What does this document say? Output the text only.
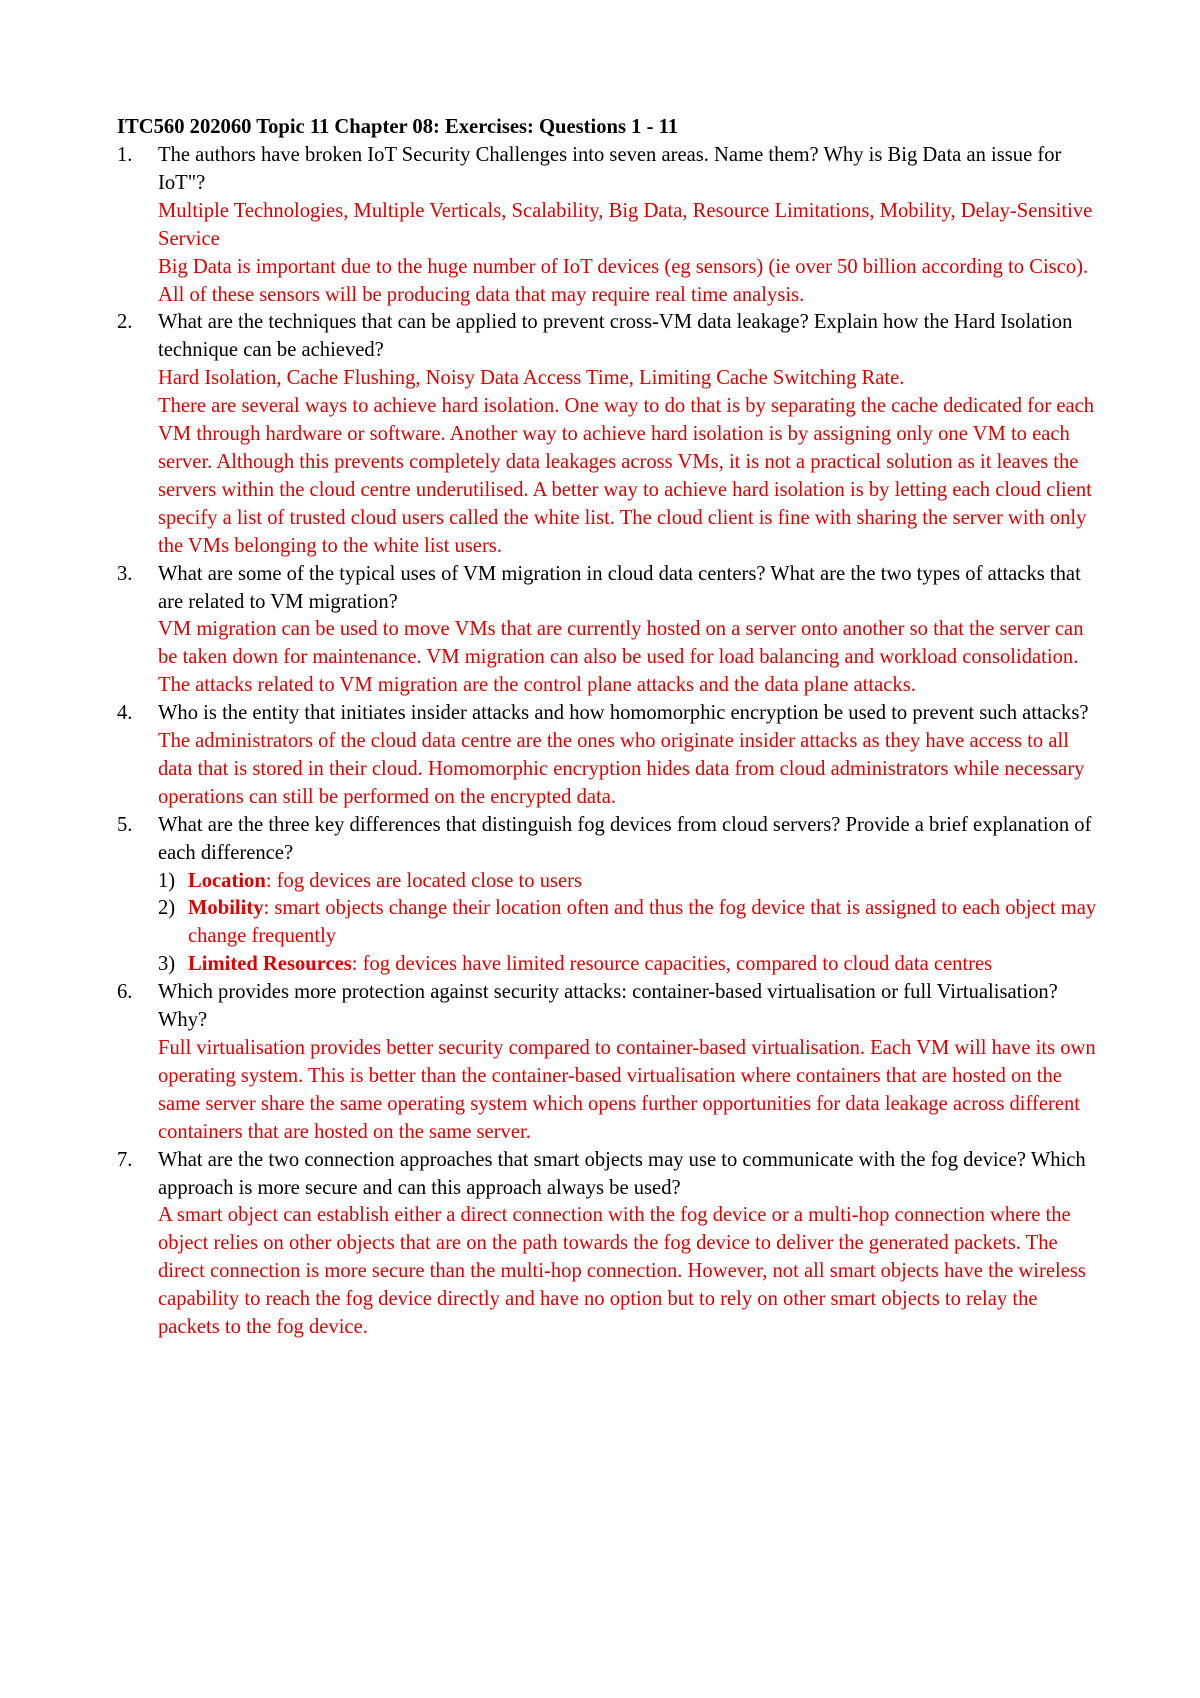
ITC560 202060 Topic 11 Chapter 08: Exercises: Questions 1 - 11

1. The authors have broken IoT Security Challenges into seven areas. Name them? Why is Big Data an issue for IoT"?

Multiple Technologies, Multiple Verticals, Scalability, Big Data, Resource Limitations, Mobility, Delay-Sensitive Service

Big Data is important due to the huge number of IoT devices (eg sensors) (ie over 50 billion according to Cisco). All of these sensors will be producing data that may require real time analysis.

2. What are the techniques that can be applied to prevent cross-VM data leakage? Explain how the Hard Isolation technique can be achieved?

Hard Isolation, Cache Flushing, Noisy Data Access Time, Limiting Cache Switching Rate.

There are several ways to achieve hard isolation. One way to do that is by separating the cache dedicated for each VM through hardware or software. Another way to achieve hard isolation is by assigning only one VM to each server. Although this prevents completely data leakages across VMs, it is not a practical solution as it leaves the servers within the cloud centre underutilised. A better way to achieve hard isolation is by letting each cloud client specify a list of trusted cloud users called the white list. The cloud client is fine with sharing the server with only the VMs belonging to the white list users.

3. What are some of the typical uses of VM migration in cloud data centers? What are the two types of attacks that are related to VM migration?

VM migration can be used to move VMs that are currently hosted on a server onto another so that the server can be taken down for maintenance. VM migration can also be used for load balancing and workload consolidation. The attacks related to VM migration are the control plane attacks and the data plane attacks.

4. Who is the entity that initiates insider attacks and how homomorphic encryption be used to prevent such attacks?

The administrators of the cloud data centre are the ones who originate insider attacks as they have access to all data that is stored in their cloud. Homomorphic encryption hides data from cloud administrators while necessary operations can still be performed on the encrypted data.

5. What are the three key differences that distinguish fog devices from cloud servers? Provide a brief explanation of each difference?

1) Location: fog devices are located close to users
2) Mobility: smart objects change their location often and thus the fog device that is assigned to each object may change frequently
3) Limited Resources: fog devices have limited resource capacities, compared to cloud data centres
6. Which provides more protection against security attacks: container-based virtualisation or full Virtualisation? Why?

Full virtualisation provides better security compared to container-based virtualisation. Each VM will have its own operating system. This is better than the container-based virtualisation where containers that are hosted on the same server share the same operating system which opens further opportunities for data leakage across different containers that are hosted on the same server.

7. What are the two connection approaches that smart objects may use to communicate with the fog device? Which approach is more secure and can this approach always be used?

A smart object can establish either a direct connection with the fog device or a multi-hop connection where the object relies on other objects that are on the path towards the fog device to deliver the generated packets. The direct connection is more secure than the multi-hop connection. However, not all smart objects have the wireless capability to reach the fog device directly and have no option but to rely on other smart objects to relay the packets to the fog device.
